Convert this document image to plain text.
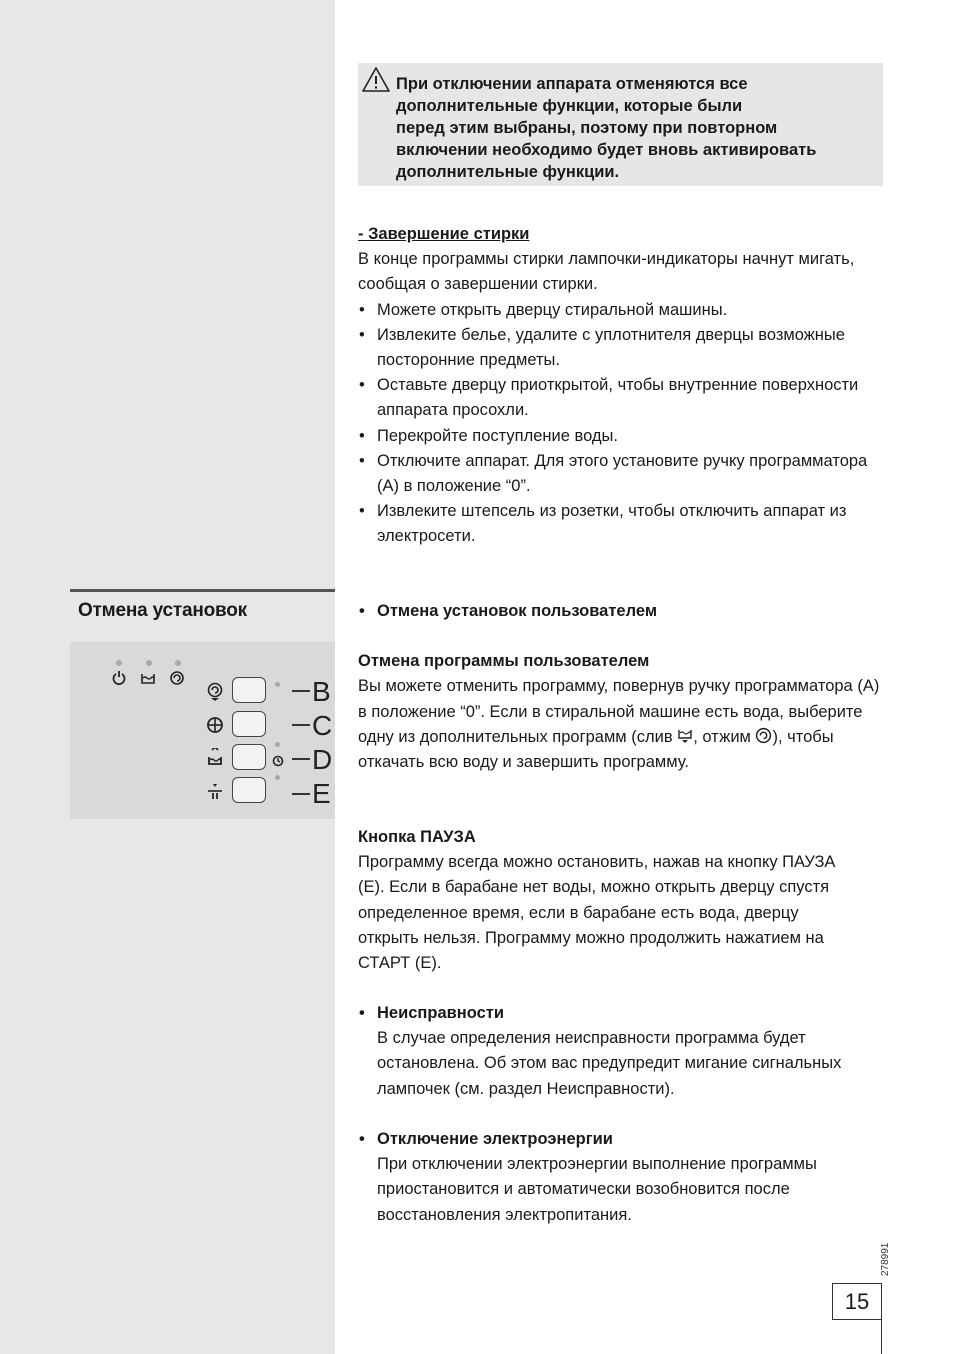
Отмена установок
B
C
D
E

При отключении аппарата отменяются все
дополнительные функции, которые были
перед этим выбраны, поэтому при повторном
включении необходимо будет вновь активировать
дополнительные функции.

- Завершение стирки

В конце программы стирки лампочки-индикаторы начнут мигать, сообщая о завершении стирки.

• Можете открыть дверцу стиральной машины.
• Извлеките белье, удалите с уплотнителя дверцы возможные посторонние предметы.
• Оставьте дверцу приоткрытой, чтобы внутренние поверхности аппарата просохли.
• Перекройте поступление воды.
• Отключите аппарат. Для этого установите ручку программатора (A) в положение “0”.
• Извлеките штепсель из розетки, чтобы отключить аппарат из электросети.
• Отмена установок пользователем

Отмена программы пользователем

Вы можете отменить программу, повернув ручку программатора (A) в положение “0”. Если в стиральной машине есть вода, выберите одну из дополнительных программ (слив , отжим ), чтобы откачать всю воду и завершить программу.

Кнопка ПАУЗА

Программу всегда можно остановить, нажав на кнопку ПАУЗА (E). Если в барабане нет воды, можно открыть дверцу спустя определенное время, если в барабане есть вода, дверцу открыть нельзя. Программу можно продолжить нажатием на СТАРТ (E).

• Неисправности

В случае определения неисправности программа будет остановлена. Об этом вас предупредит мигание сигнальных лампочек (см. раздел Неисправности).

• Отключение электроэнергии

При отключении электроэнергии выполнение программы приостановится и автоматически возобновится после восстановления электропитания.

278991
15
